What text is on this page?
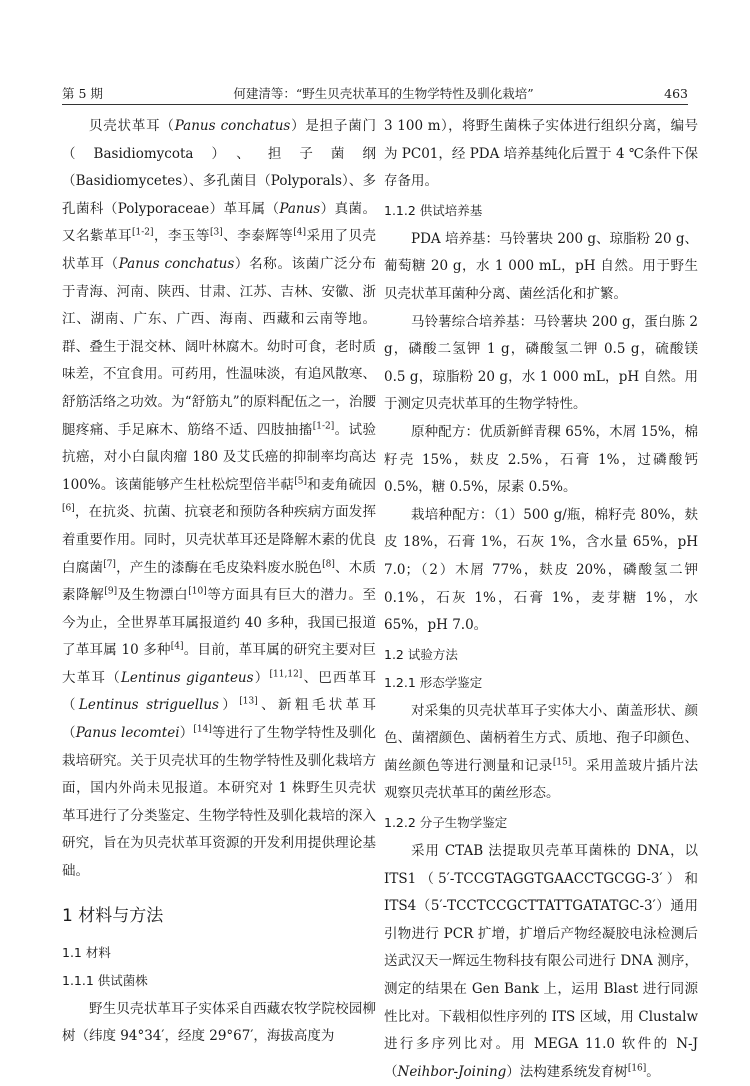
第 5 期	何建清等：“野生贝壳状革耳的生物学特性及驯化栽培”	463

贝壳状革耳（Panus conchatus）是担子菌门（Basidiomycota）、担子菌纲（Basidiomycetes）、多孔菌目（Polyporals）、多孔菌科（Polyporaceae）革耳属（Panus）真菌。又名紫革耳[1-2]，李玉等[3]、李泰辉等[4]采用了贝壳状革耳（Panus conchatus）名称。该菌广泛分布于青海、河南、陕西、甘肃、江苏、吉林、安徽、浙江、湖南、广东、广西、海南、西藏和云南等地。群、叠生于混交林、阔叶林腐木。幼时可食，老时质味差，不宜食用。可药用，性温味淡，有追风散寒、舒筋活络之功效。为“舒筋丸”的原料配伍之一，治腰腿疼痛、手足麻木、筋络不适、四肢抽搐[1-2]。试验抗癌，对小白鼠肉瘤 180 及艾氏癌的抑制率均高达 100%。该菌能够产生杜松烷型倍半萜[5]和麦角硫因[6]，在抗炎、抗菌、抗衰老和预防各种疾病方面发挥着重要作用。同时，贝壳状革耳还是降解木素的优良白腐菌[7]，产生的漆酶在毛皮染料废水脱色[8]、木质素降解[9]及生物漂白[10]等方面具有巨大的潜力。至今为止，全世界革耳属报道约 40 多种，我国已报道了革耳属 10 多种[4]。目前，革耳属的研究主要对巨大革耳（Lentinus giganteus）[11,12]、巴西革耳（Lentinus striguellus）[13]、新粗毛状革耳（Panus lecomtei）[14]等进行了生物学特性及驯化栽培研究。关于贝壳状耳的生物学特性及驯化栽培方面，国内外尚未见报道。本研究对 1 株野生贝壳状革耳进行了分类鉴定、生物学特性及驯化栽培的深入研究，旨在为贝壳状革耳资源的开发利用提供理论基础。

1 材料与方法
1.1 材料
1.1.1 供试菌株

野生贝壳状革耳子实体采自西藏农牧学院校园柳树（纬度 94°34′，经度 29°67′，海拔高度为

3 100 m），将野生菌株子实体进行组织分离，编号为 PC01，经 PDA 培养基纯化后置于 4 ℃条件下保存备用。

1.1.2 供试培养基

PDA 培养基：马铃薯块 200 g、琼脂粉 20 g、葡萄糖 20 g，水 1 000 mL，pH 自然。用于野生贝壳状革耳菌种分离、菌丝活化和扩繁。

马铃薯综合培养基：马铃薯块 200 g，蛋白胨 2 g，磷酸二氢钾 1 g，磷酸氢二钾 0.5 g，硫酸镁 0.5 g，琼脂粉 20 g，水 1 000 mL，pH 自然。用于测定贝壳状革耳的生物学特性。

原种配方：优质新鲜青稞 65%，木屑 15%，棉籽壳 15%，麸皮 2.5%，石膏 1%，过磷酸钙 0.5%，糖 0.5%，尿素 0.5%。

栽培种配方：（1）500 g/瓶，棉籽壳 80%，麸皮 18%，石膏 1%，石灰 1%，含水量 65%，pH 7.0；（2）木屑 77%，麸皮 20%，磷酸氢二钾 0.1%，石灰 1%，石膏 1%，麦芽糖 1%，水 65%，pH 7.0。

1.2 试验方法
1.2.1 形态学鉴定

对采集的贝壳状革耳子实体大小、菌盖形状、颜色、菌褶颜色、菌柄着生方式、质地、孢子印颜色、菌丝颜色等进行测量和记录[15]。采用盖玻片插片法观察贝壳状革耳的菌丝形态。

1.2.2 分子生物学鉴定

采用 CTAB 法提取贝壳革耳菌株的 DNA，以 ITS1（5′-TCCGTAGGTGAACCTGCGG-3′）和 ITS4（5′-TCCTCCGCTTATTGATATGC-3′）通用引物进行 PCR 扩增，扩增后产物经凝胶电泳检测后送武汉天一辉远生物科技有限公司进行 DNA 测序，测定的结果在 Gen Bank 上，运用 Blast 进行同源性比对。下载相似性序列的 ITS 区域，用 Clustalw 进行多序列比对。用 MEGA 11.0 软件的 N-J（Neihbor-Joining）法构建系统发育树[16]。
